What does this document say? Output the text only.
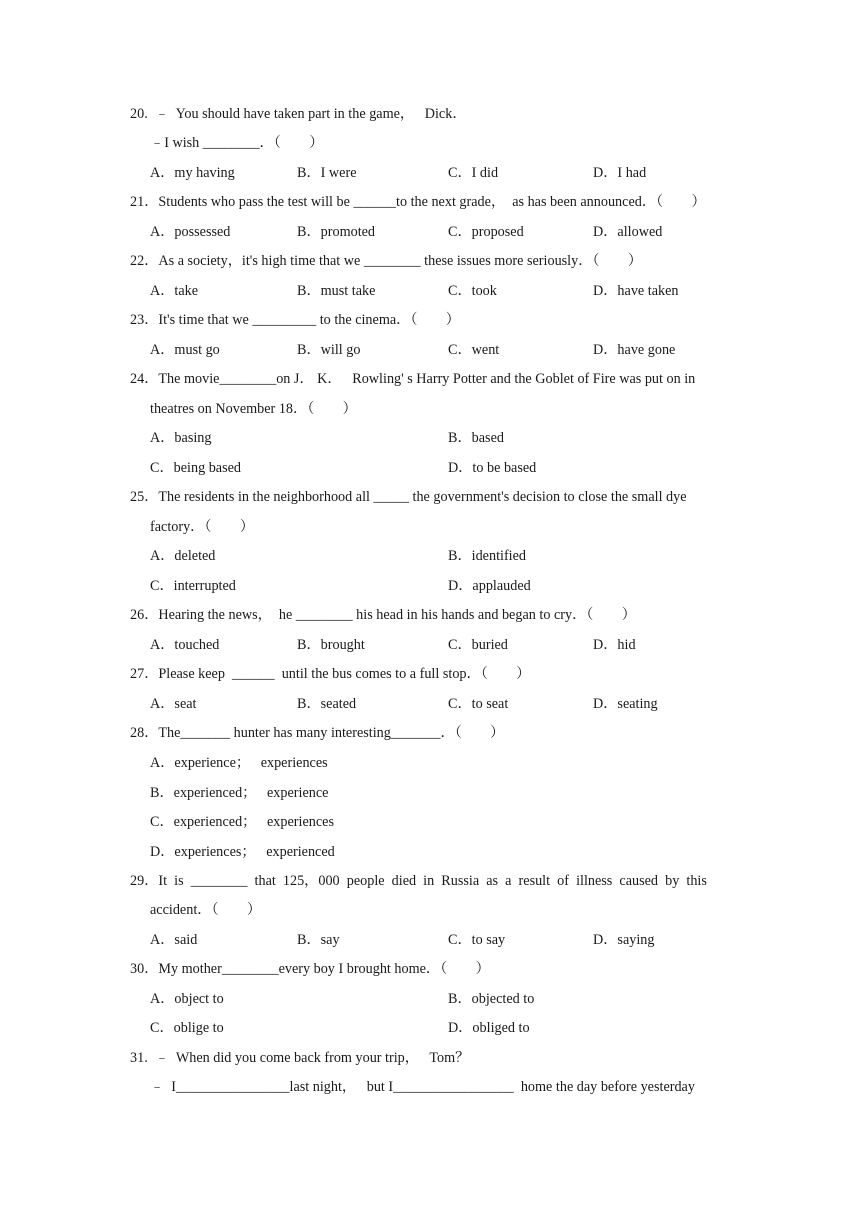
20.  ﹣  You should have taken part in the game，   Dick．
﹣I wish ________．（        ）
A．my having	B．I were	C．I did	D．I had
21．Students who pass the test will be ______to the next grade，  as has been announced．（        ）
A．possessed	B．promoted	C．proposed	D．allowed
22．As a society，it's high time that we ________ these issues more seriously．（        ）
A．take	B．must take	C．took	D．have taken
23．It's time that we _________ to the cinema．（        ）
A．must go	B．will go	C．went	D．have gone
24．The movie________on J． K．   Rowling' s Harry Potter and the Goblet of Fire was put on in
theatres on November 18．（        ）
A．basing	B．based
C．being based	D．to be based
25．The residents in the neighborhood all _____ the government's decision to close the small dye
factory．（        ）
A．deleted	B．identified
C．interrupted	D．applauded
26．Hearing the news，  he ________ his head in his hands and began to cry．（        ）
A．touched	B．brought	C．buried	D．hid
27．Please keep  ______  until the bus comes to a full stop．（        ）
A．seat	B．seated	C．to seat	D．seating
28．The_______ hunter has many interesting_______．（        ）
A．experience；   experiences
B．experienced；   experience
C．experienced；   experiences
D．experiences；   experienced
29．It  is  ________  that  125，000  people  died  in  Russia  as  a  result  of  illness  caused  by  this
accident．（        ）
A．said	B．say	C．to say	D．saying
30．My mother________every boy I brought home．（        ）
A．object to	B．objected to
C．oblige to	D．obliged to
31.  ﹣  When did you come back from your trip，   Tom？
﹣  I________________last night，   but I_________________  home the day before yesterday
